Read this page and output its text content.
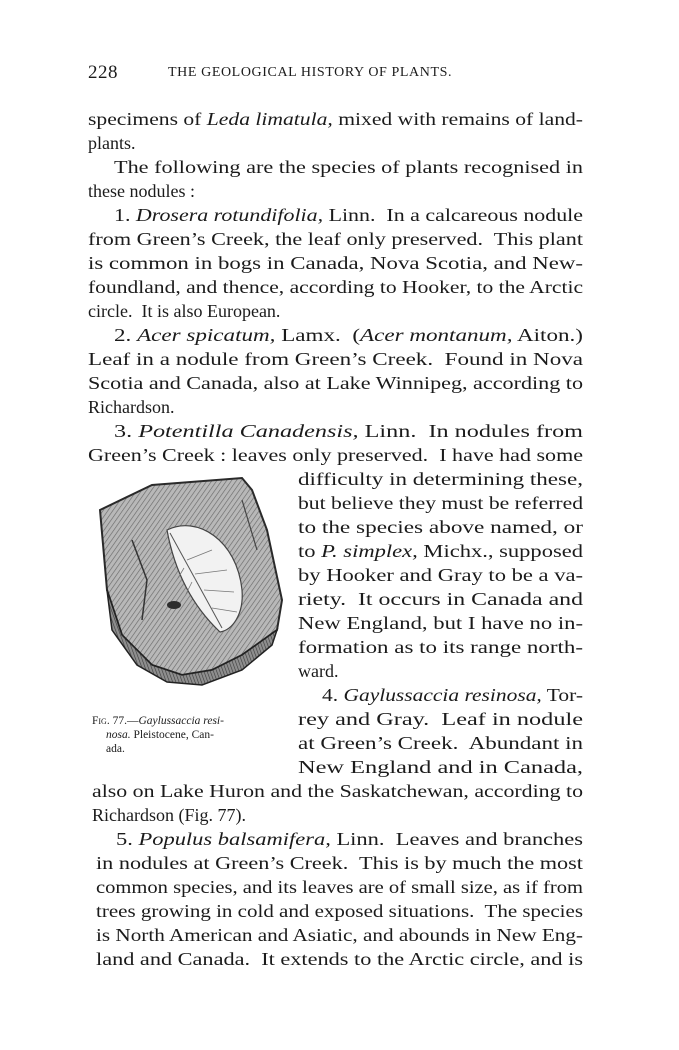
228	THE GEOLOGICAL HISTORY OF PLANTS.
specimens of Leda limatula, mixed with remains of land-
plants.
The following are the species of plants recognised in
these nodules :
1. Drosera rotundifolia, Linn.  In a calcareous nodule
from Green’s Creek, the leaf only preserved.  This plant
is common in bogs in Canada, Nova Scotia, and New-
foundland, and thence, according to Hooker, to the Arctic
circle.  It is also European.
2. Acer spicatum, Lamx.  (Acer montanum, Aiton.)
Leaf in a nodule from Green’s Creek.  Found in Nova
Scotia and Canada, also at Lake Winnipeg, according to
Richardson.
3. Potentilla Canadensis, Linn.  In nodules from
Green’s Creek : leaves only preserved.  I have had some
difficulty in determining these,
but believe they must be referred
to the species above named, or
to P. simplex, Michx., supposed
by Hooker and Gray to be a va-
riety.  It occurs in Canada and
New England, but I have no in-
formation as to its range north-
ward.
4. Gaylussaccia resinosa, Tor-
rey and Gray.  Leaf in nodule
at Green’s Creek.  Abundant in
New England and in Canada,
also on Lake Huron and the Saskatchewan, according to
Richardson (Fig. 77).
5. Populus balsamifera, Linn.  Leaves and branches
in nodules at Green’s Creek.  This is by much the most
common species, and its leaves are of small size, as if from
trees growing in cold and exposed situations.  The species
is North American and Asiatic, and abounds in New Eng-
land and Canada.  It extends to the Arctic circle, and is
Fig. 77.—Gaylussaccia resi-
nosa. Pleistocene, Can-
ada.
